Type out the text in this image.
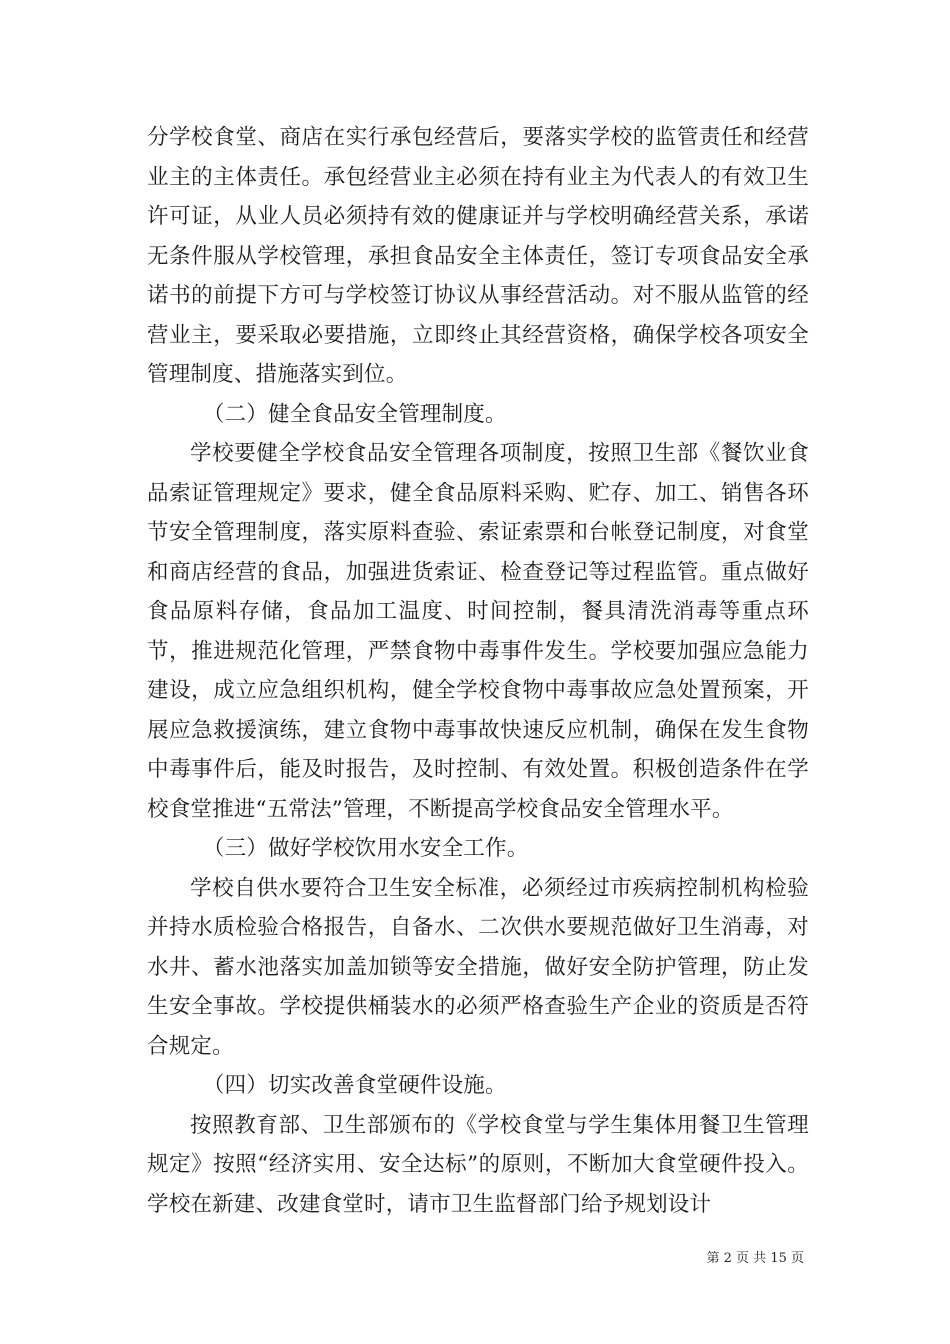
分学校食堂、商店在实行承包经营后，要落实学校的监管责任和经营业主的主体责任。承包经营业主必须在持有业主为代表人的有效卫生许可证，从业人员必须持有效的健康证并与学校明确经营关系，承诺无条件服从学校管理，承担食品安全主体责任，签订专项食品安全承诺书的前提下方可与学校签订协议从事经营活动。对不服从监管的经营业主，要采取必要措施，立即终止其经营资格，确保学校各项安全管理制度、措施落实到位。

（二）健全食品安全管理制度。

学校要健全学校食品安全管理各项制度，按照卫生部《餐饮业食品索证管理规定》要求，健全食品原料采购、贮存、加工、销售各环节安全管理制度，落实原料查验、索证索票和台帐登记制度，对食堂和商店经营的食品，加强进货索证、检查登记等过程监管。重点做好食品原料存储，食品加工温度、时间控制，餐具清洗消毒等重点环节，推进规范化管理，严禁食物中毒事件发生。学校要加强应急能力建设，成立应急组织机构，健全学校食物中毒事故应急处置预案，开展应急救援演练，建立食物中毒事故快速反应机制，确保在发生食物中毒事件后，能及时报告，及时控制、有效处置。积极创造条件在学校食堂推进“五常法”管理，不断提高学校食品安全管理水平。

（三）做好学校饮用水安全工作。

学校自供水要符合卫生安全标准，必须经过市疾病控制机构检验并持水质检验合格报告，自备水、二次供水要规范做好卫生消毒，对水井、蓄水池落实加盖加锁等安全措施，做好安全防护管理，防止发生安全事故。学校提供桶装水的必须严格查验生产企业的资质是否符合规定。

（四）切实改善食堂硬件设施。

按照教育部、卫生部颁布的《学校食堂与学生集体用餐卫生管理规定》按照“经济实用、安全达标”的原则，不断加大食堂硬件投入。学校在新建、改建食堂时，请市卫生监督部门给予规划设计

第 2 页 共 15 页
